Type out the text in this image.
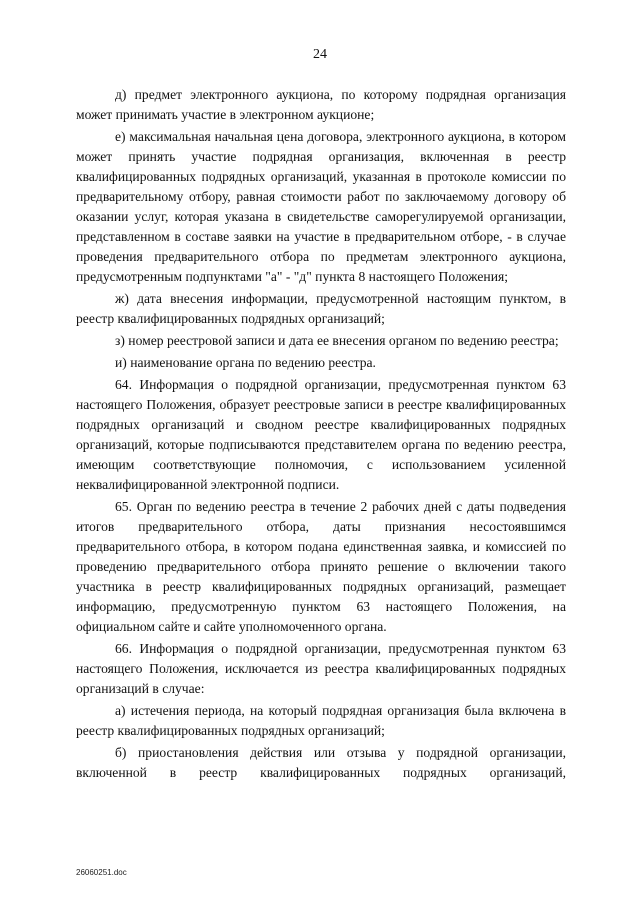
24

д) предмет электронного аукциона, по которому подрядная организация может принимать участие в электронном аукционе;

е) максимальная начальная цена договора, электронного аукциона, в котором может принять участие подрядная организация, включенная в реестр квалифицированных подрядных организаций, указанная в протоколе комиссии по предварительному отбору, равная стоимости работ по заключаемому договору об оказании услуг, которая указана в свидетельстве саморегулируемой организации, представленном в составе заявки на участие в предварительном отборе, - в случае проведения предварительного отбора по предметам электронного аукциона, предусмотренным подпунктами "а" - "д" пункта 8 настоящего Положения;

ж) дата внесения информации, предусмотренной настоящим пунктом, в реестр квалифицированных подрядных организаций;

з) номер реестровой записи и дата ее внесения органом по ведению реестра;

и) наименование органа по ведению реестра.

64. Информация о подрядной организации, предусмотренная пунктом 63 настоящего Положения, образует реестровые записи в реестре квалифицированных подрядных организаций и сводном реестре квалифицированных подрядных организаций, которые подписываются представителем органа по ведению реестра, имеющим соответствующие полномочия, с использованием усиленной неквалифицированной электронной подписи.

65. Орган по ведению реестра в течение 2 рабочих дней с даты подведения итогов предварительного отбора, даты признания несостоявшимся предварительного отбора, в котором подана единственная заявка, и комиссией по проведению предварительного отбора принято решение о включении такого участника в реестр квалифицированных подрядных организаций, размещает информацию, предусмотренную пунктом 63 настоящего Положения, на официальном сайте и сайте уполномоченного органа.

66. Информация о подрядной организации, предусмотренная пунктом 63 настоящего Положения, исключается из реестра квалифицированных подрядных организаций в случае:

а) истечения периода, на который подрядная организация была включена в реестр квалифицированных подрядных организаций;

б) приостановления действия или отзыва у подрядной организации, включенной в реестр квалифицированных подрядных организаций,

26060251.doc
